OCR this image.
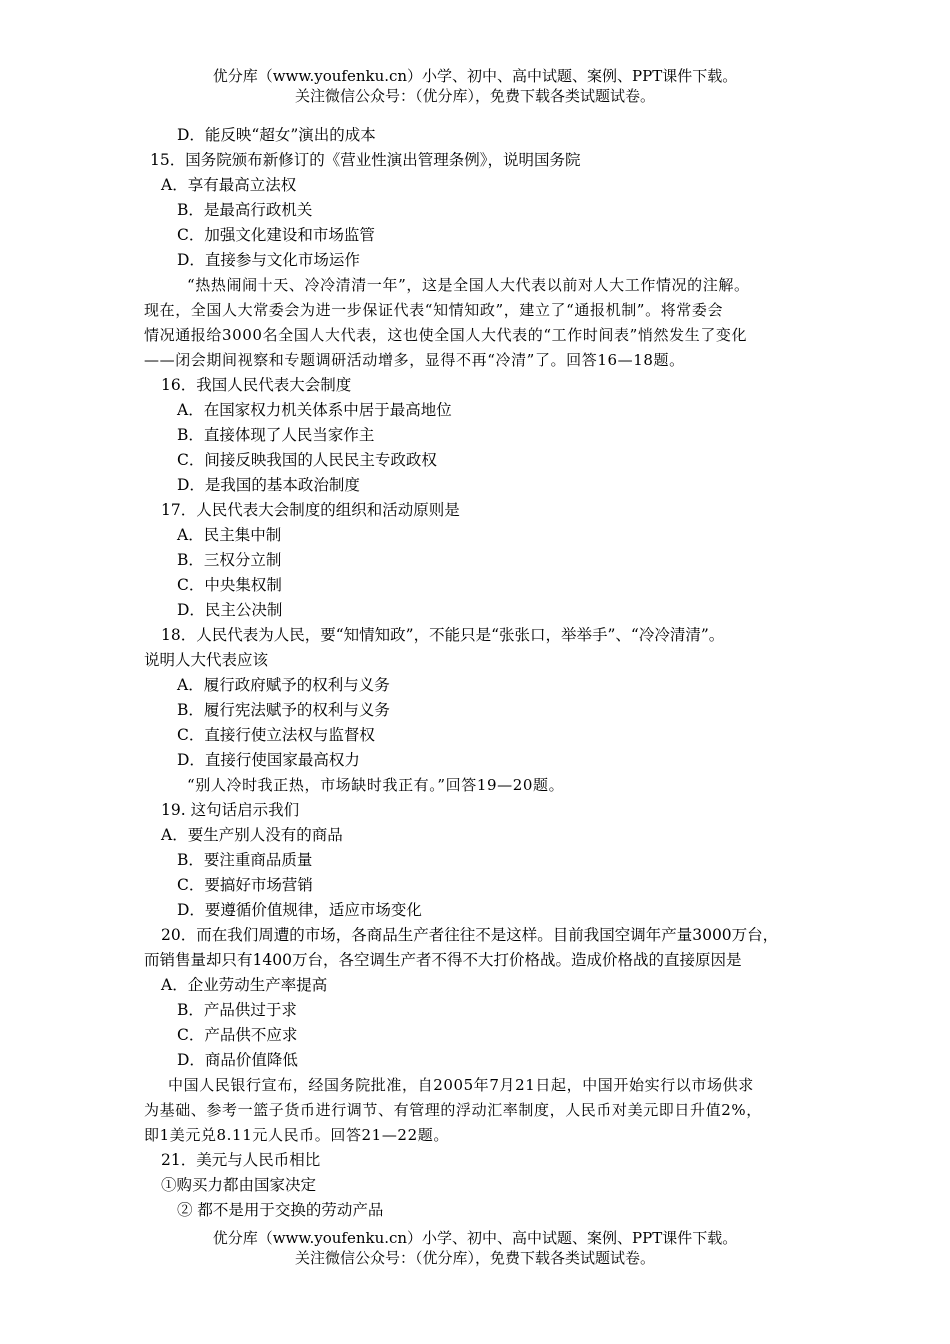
优分库（www.youfenku.cn）小学、初中、高中试题、案例、PPT课件下载。
关注微信公众号：（优分库），免费下载各类试题试卷。
D．能反映“超女”演出的成本
15．国务院颁布新修订的《营业性演出管理条例》，说明国务院
A．享有最高立法权
B．是最高行政机关
C．加强文化建设和市场监管
D．直接参与文化市场运作
“热热闹闹十天、冷冷清清一年”，这是全国人大代表以前对人大工作情况的注解。
现在，全国人大常委会为进一步保证代表“知情知政”，建立了“通报机制”。将常委会
情况通报给3000名全国人大代表，这也使全国人大代表的“工作时间表”悄然发生了变化
——闭会期间视察和专题调研活动增多，显得不再“冷清”了。回答16—18题。
16．我国人民代表大会制度
A．在国家权力机关体系中居于最高地位
B．直接体现了人民当家作主
C．间接反映我国的人民民主专政政权
D．是我国的基本政治制度
17．人民代表大会制度的组织和活动原则是
A．民主集中制
B．三权分立制
C．中央集权制
D．民主公决制
18．人民代表为人民，要“知情知政”，不能只是“张张口，举举手”、“冷冷清清”。
说明人大代表应该
A．履行政府赋予的权利与义务
B．履行宪法赋予的权利与义务
C．直接行使立法权与监督权
D．直接行使国家最高权力
“别人冷时我正热，市场缺时我正有。”回答19—20题。
19. 这句话启示我们
A．要生产别人没有的商品
B．要注重商品质量
C．要搞好市场营销
D．要遵循价值规律，适应市场变化
20．而在我们周遭的市场，各商品生产者往往不是这样。目前我国空调年产量3000万台，
而销售量却只有1400万台，各空调生产者不得不大打价格战。造成价格战的直接原因是
A．企业劳动生产率提高
B．产品供过于求
C．产品供不应求
D．商品价值降低
中国人民银行宣布，经国务院批准，自2005年7月21日起，中国开始实行以市场供求
为基础、参考一篮子货币进行调节、有管理的浮动汇率制度，人民币对美元即日升值2%，
即1美元兑8.11元人民币。回答21—22题。
21．美元与人民币相比
①购买力都由国家决定
② 都不是用于交换的劳动产品
优分库（www.youfenku.cn）小学、初中、高中试题、案例、PPT课件下载。
关注微信公众号：（优分库），免费下载各类试题试卷。
